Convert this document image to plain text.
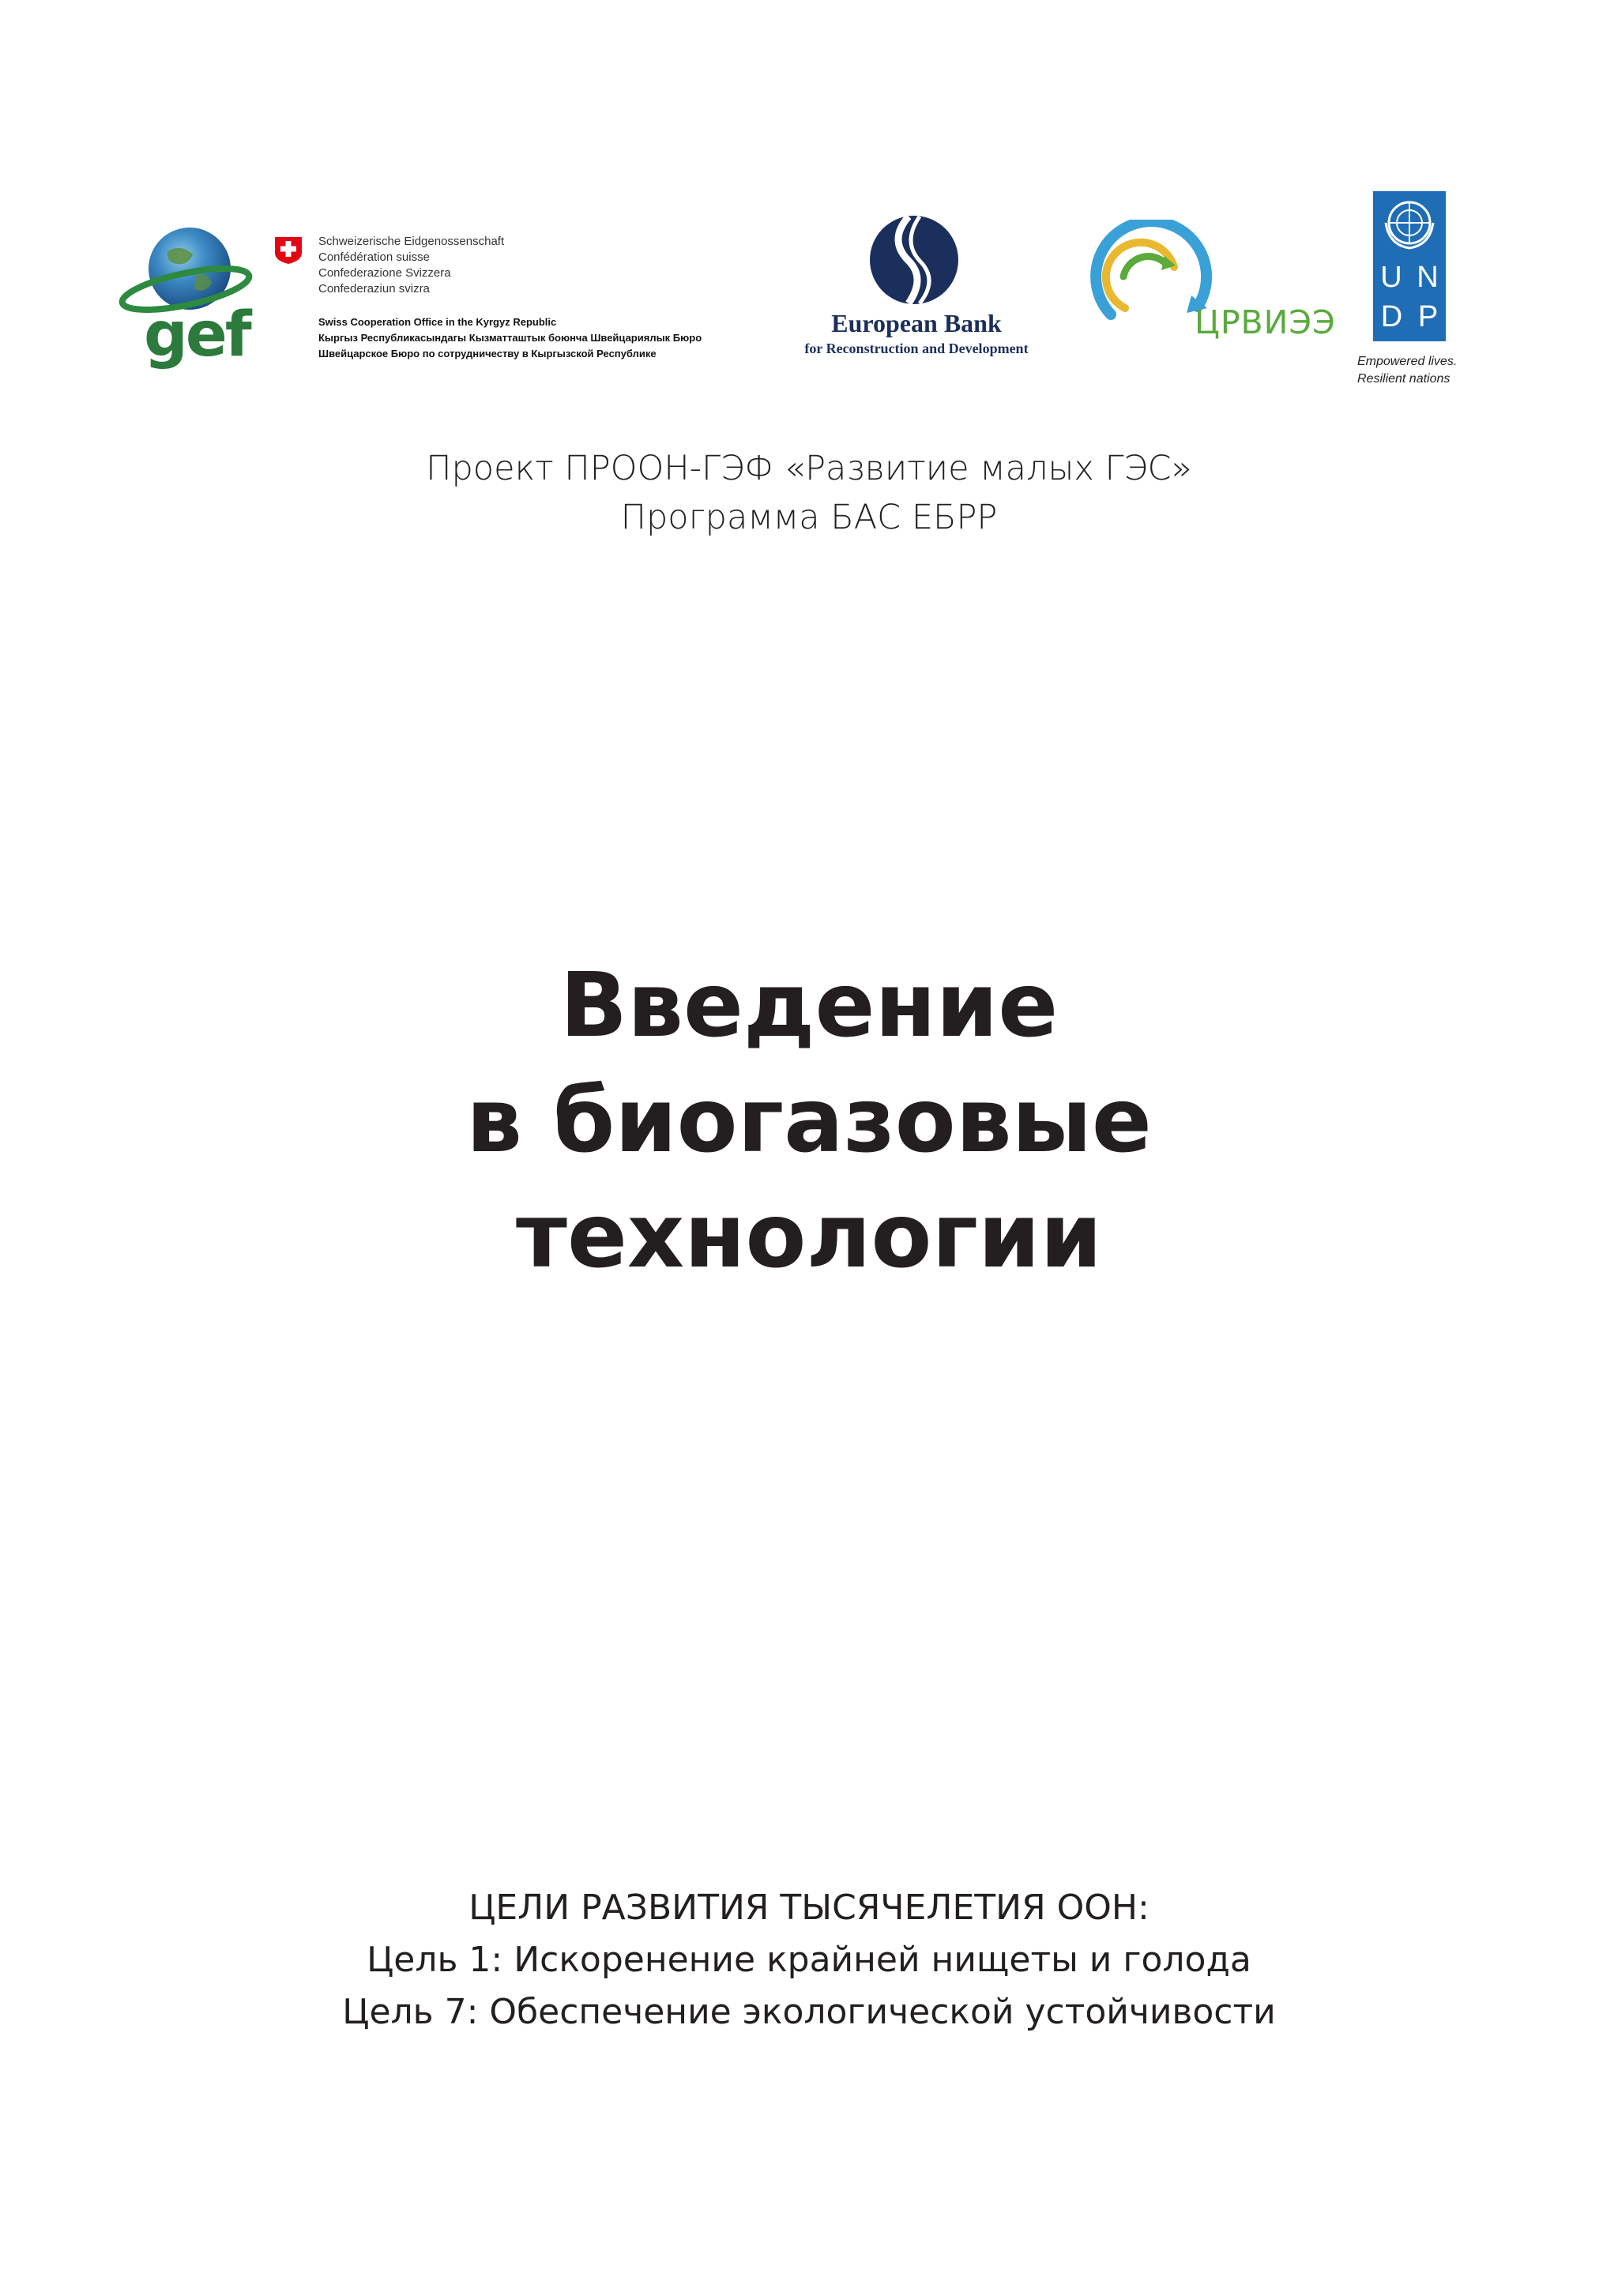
gef
Schweizerische Eidgenossenschaft
Confédération suisse
Confederazione Svizzera
Confederaziun svizra
Swiss Cooperation Office in the Kyrgyz Republic
Кыргыз Республикасындагы Кызматташтык боюнча Швейцариялык Бюро
Швейцарское Бюро по сотрудничеству в Кыргызской Республике
European Bank
for Reconstruction and Development
ЦРВИЭЭ
U N
D P
Empowered lives.
Resilient nations
Проект ПРООН-ГЭФ «Развитие малых ГЭС»
Программа БАС ЕБРР
Введение
в биогазовые
технологии
ЦЕЛИ РАЗВИТИЯ ТЫСЯЧЕЛЕТИЯ ООН:
Цель 1: Искоренение крайней нищеты и голода
Цель 7: Обеспечение экологической устойчивости
